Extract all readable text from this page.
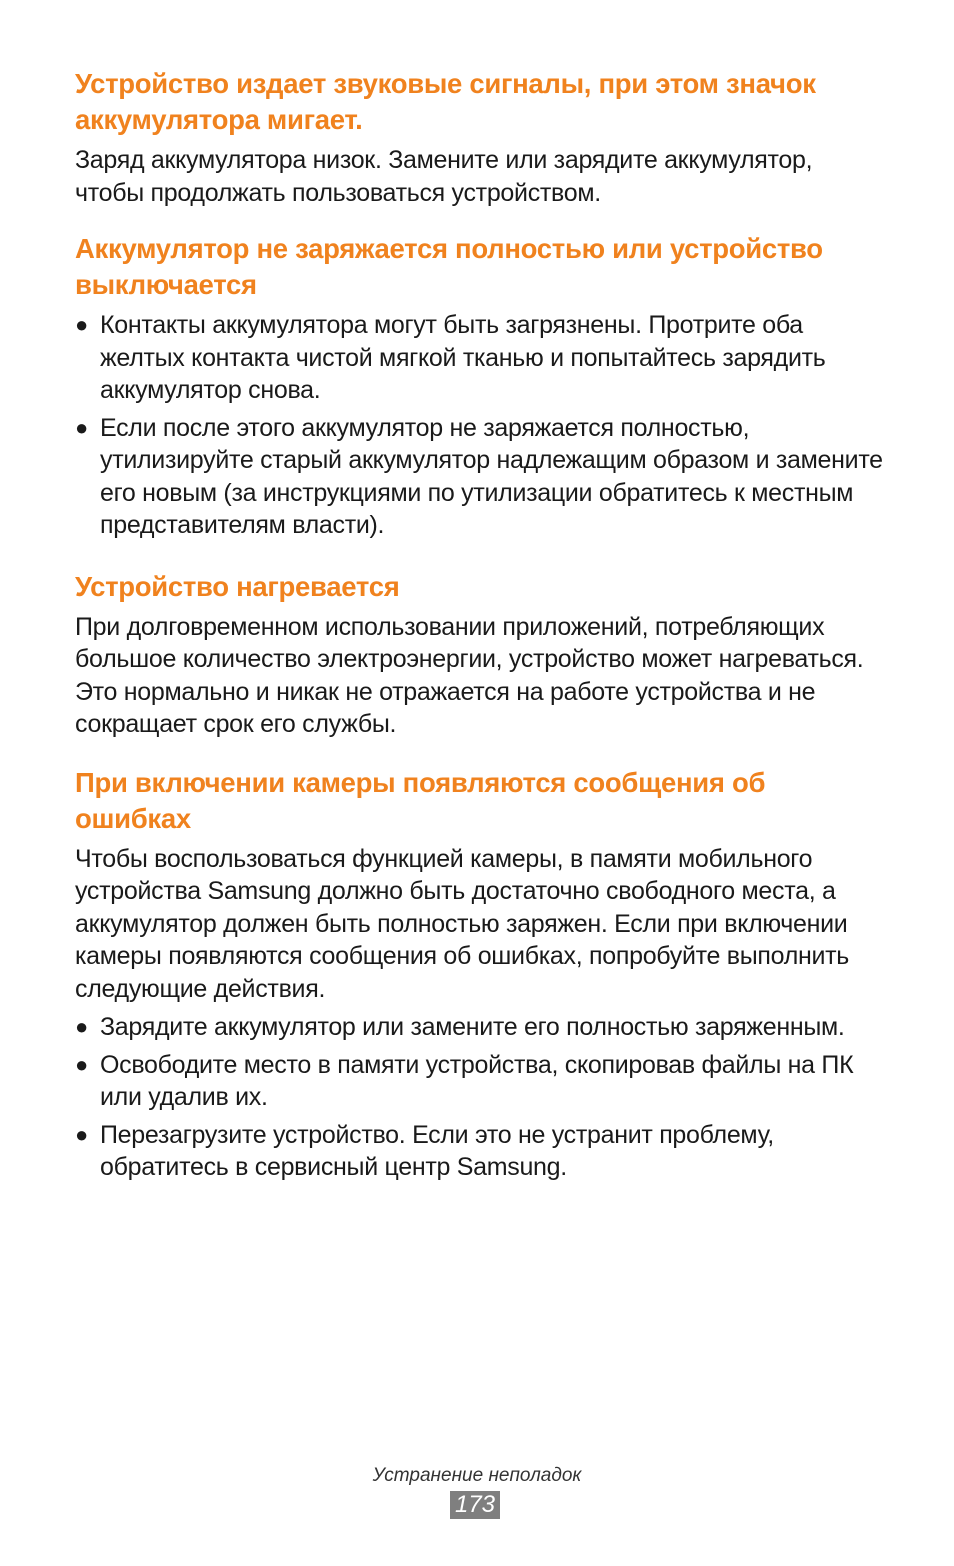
Устройство издает звуковые сигналы, при этом значок аккумулятора мигает.

Заряд аккумулятора низок. Замените или зарядите аккумулятор, чтобы продолжать пользоваться устройством.

Аккумулятор не заряжается полностью или устройство выключается
● Контакты аккумулятора могут быть загрязнены. Протрите оба желтых контакта чистой мягкой тканью и попытайтесь зарядить аккумулятор снова.
● Если после этого аккумулятор не заряжается полностью, утилизируйте старый аккумулятор надлежащим образом и замените его новым (за инструкциями по утилизации обратитесь к местным представителям власти).
Устройство нагревается

При долговременном использовании приложений, потребляющих большое количество электроэнергии, устройство может нагреваться. Это нормально и никак не отражается на работе устройства и не сокращает срок его службы.

При включении камеры появляются сообщения об ошибках

Чтобы воспользоваться функцией камеры, в памяти мобильного устройства Samsung должно быть достаточно свободного места, а аккумулятор должен быть полностью заряжен. Если при включении камеры появляются сообщения об ошибках, попробуйте выполнить следующие действия.

● Зарядите аккумулятор или замените его полностью заряженным.
● Освободите место в памяти устройства, скопировав файлы на ПК или удалив их.
● Перезагрузите устройство. Если это не устранит проблему, обратитесь в сервисный центр Samsung.
Устранение неполадок
173
